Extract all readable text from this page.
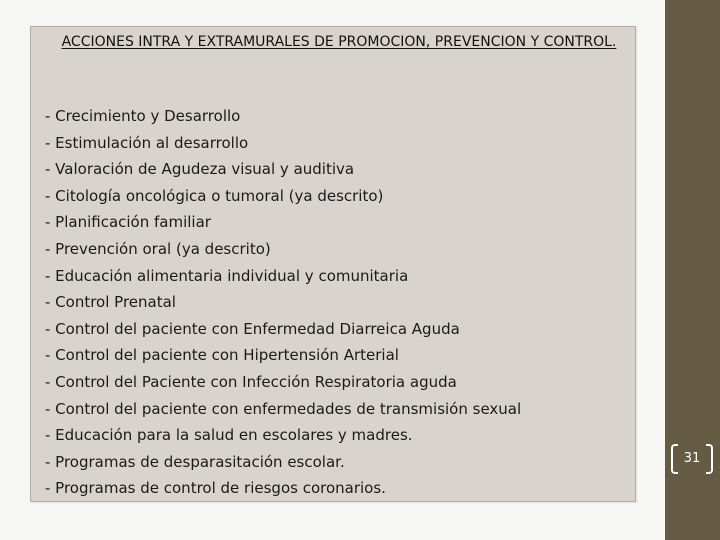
ACCIONES INTRA Y EXTRAMURALES DE PROMOCION, PREVENCION Y CONTROL.
- Crecimiento y Desarrollo
- Estimulación al desarrollo
- Valoración de Agudeza visual y auditiva
- Citología oncológica o tumoral (ya descrito)
- Planificación familiar
- Prevención oral (ya descrito)
- Educación alimentaria individual y comunitaria
- Control Prenatal
- Control del paciente con Enfermedad Diarreica Aguda
- Control del paciente con Hipertensión Arterial
- Control del Paciente con Infección Respiratoria aguda
- Control del paciente con enfermedades de transmisión sexual
- Educación para la salud en escolares y madres.
- Programas de desparasitación escolar.
- Programas de control de riesgos coronarios.
31
